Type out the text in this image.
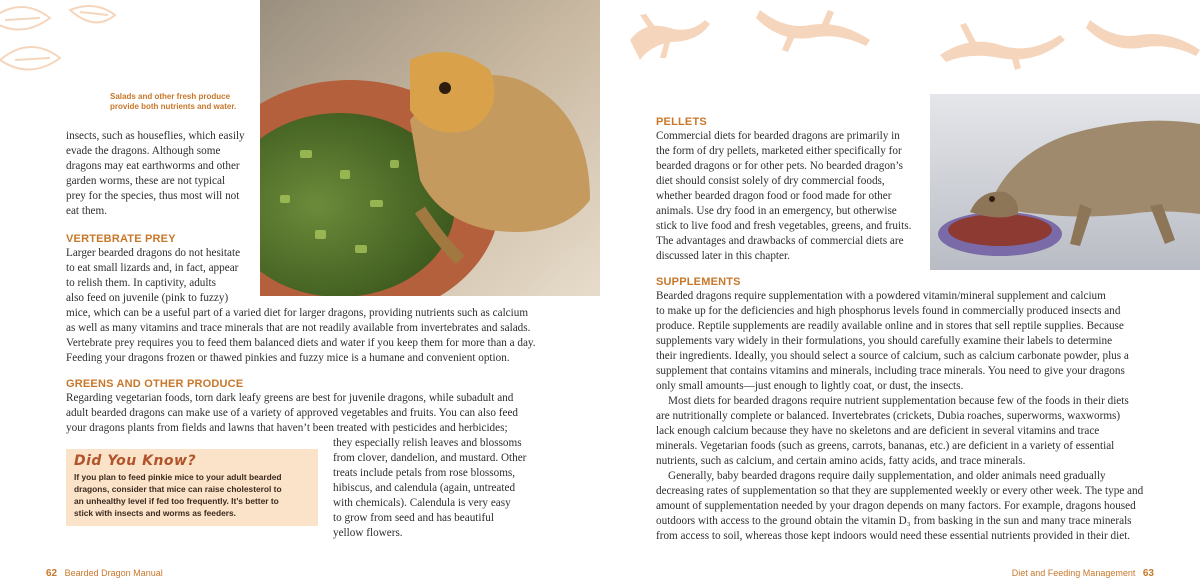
Salads and other fresh produce provide both nutrients and water.

insects, such as houseflies, which easily

evade the dragons. Although some

dragons may eat earthworms and other

garden worms, these are not typical

prey for the species, thus most will not

eat them.

VERTEBRATE PREY

Larger bearded dragons do not hesitate

to eat small lizards and, in fact, appear

to relish them. In captivity, adults

also feed on juvenile (pink to fuzzy)

mice, which can be a useful part of a varied diet for larger dragons, providing nutrients such as calcium

as well as many vitamins and trace minerals that are not readily available from invertebrates and salads.

Vertebrate prey requires you to feed them balanced diets and water if you keep them for more than a day.

Feeding your dragons frozen or thawed pinkies and fuzzy mice is a humane and convenient option.

GREENS AND OTHER PRODUCE

Regarding vegetarian foods, torn dark leafy greens are best for juvenile dragons, while subadult and

adult bearded dragons can make use of a variety of approved vegetables and fruits. You can also feed

your dragons plants from fields and lawns that haven’t been treated with pesticides and herbicides;

they especially relish leaves and blossoms

from clover, dandelion, and mustard. Other

treats include petals from rose blossoms,

hibiscus, and calendula (again, untreated

with chemicals). Calendula is very easy

to grow from seed and has beautiful

yellow flowers.

Did You Know?
If you plan to feed pinkie mice to your adult bearded
dragons, consider that mice can raise cholesterol to
an unhealthy level if fed too frequently. It’s better to
stick with insects and worms as feeders.
62 Bearded Dragon Manual
PELLETS

Commercial diets for bearded dragons are primarily in

the form of dry pellets, marketed either specifically for

bearded dragons or for other pets. No bearded dragon’s

diet should consist solely of dry commercial foods,

whether bearded dragon food or food made for other

animals. Use dry food in an emergency, but otherwise

stick to live food and fresh vegetables, greens, and fruits.

The advantages and drawbacks of commercial diets are

discussed later in this chapter.

SUPPLEMENTS

Bearded dragons require supplementation with a powdered vitamin/mineral supplement and calcium

to make up for the deficiencies and high phosphorus levels found in commercially produced insects and

produce. Reptile supplements are readily available online and in stores that sell reptile supplies. Because

supplements vary widely in their formulations, you should carefully examine their labels to determine

their ingredients. Ideally, you should select a source of calcium, such as calcium carbonate powder, plus a

supplement that contains vitamins and minerals, including trace minerals. You need to give your dragons

only small amounts—just enough to lightly coat, or dust, the insects.

Most diets for bearded dragons require nutrient supplementation because few of the foods in their diets

are nutritionally complete or balanced. Invertebrates (crickets, Dubia roaches, superworms, waxworms)

lack enough calcium because they have no skeletons and are deficient in several vitamins and trace

minerals. Vegetarian foods (such as greens, carrots, bananas, etc.) are deficient in a variety of essential

nutrients, such as calcium, and certain amino acids, fatty acids, and trace minerals.

Generally, baby bearded dragons require daily supplementation, and older animals need gradually

decreasing rates of supplementation so that they are supplemented weekly or every other week. The type and

amount of supplementation needed by your dragon depends on many factors. For example, dragons housed

outdoors with access to the ground obtain the vitamin D₃ from basking in the sun and many trace minerals

from access to soil, whereas those kept indoors would need these essential nutrients provided in their diet.

Diet and Feeding Management 63
